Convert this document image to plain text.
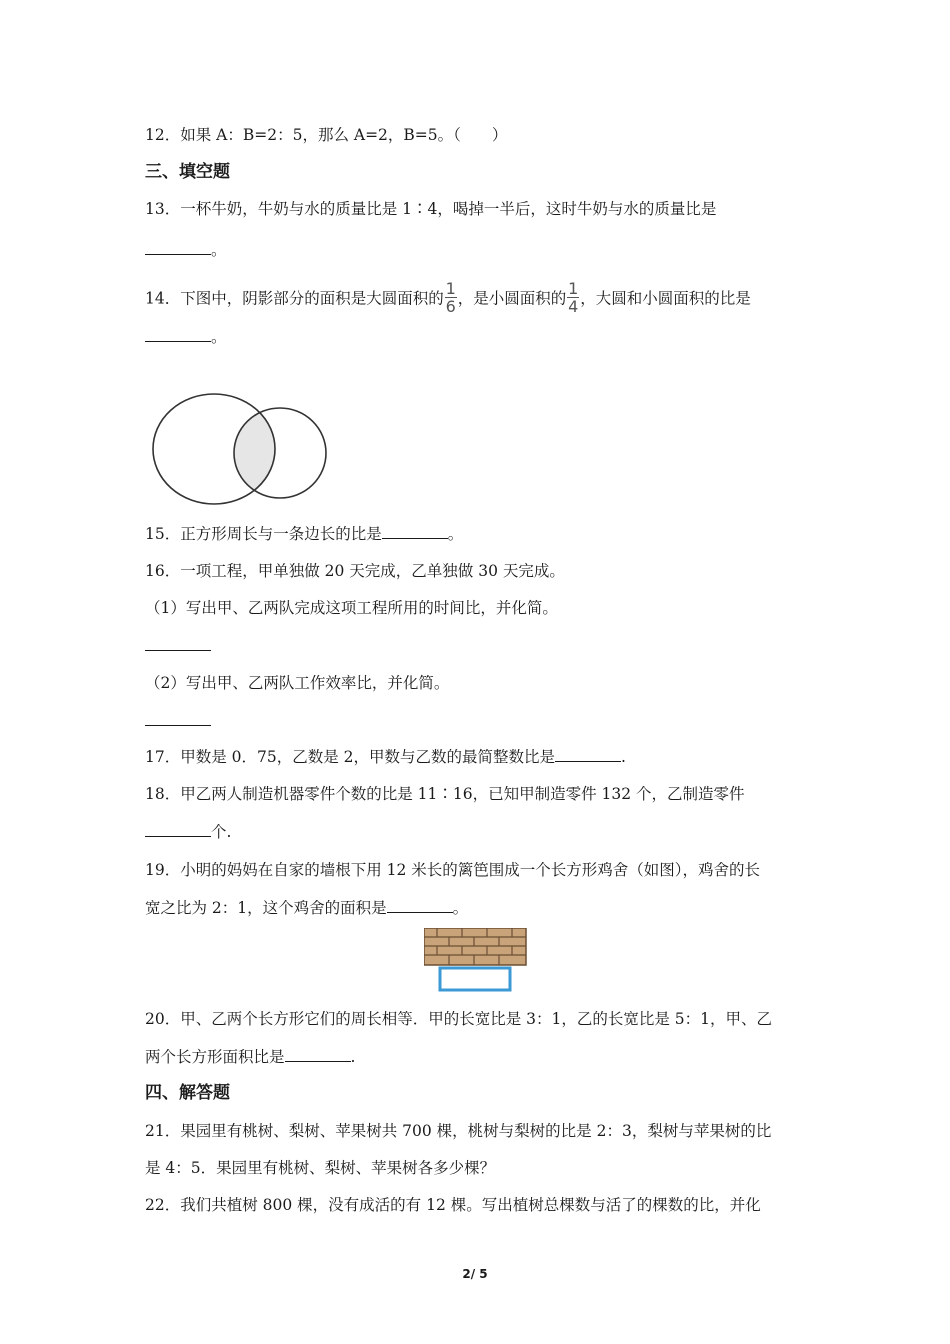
12．如果 A：B=2：5，那么 A=2，B=5。（　　）
三、填空题
13．一杯牛奶，牛奶与水的质量比是 1∶4，喝掉一半后，这时牛奶与水的质量比是
。
14．下图中，阴影部分的面积是大圆面积的 $\frac{1}{6}$ ，是小圆面积的 $\frac{1}{4}$ ，大圆和小圆面积的比是
。
15．正方形周长与一条边长的比是	。
16．一项工程，甲单独做 20 天完成，乙单独做 30 天完成。
（1）写出甲、乙两队完成这项工程所用的时间比，并化简。
（2）写出甲、乙两队工作效率比，并化简。
17．甲数是 0．75，乙数是 2，甲数与乙数的最简整数比是	.
18．甲乙两人制造机器零件个数的比是 11∶16，已知甲制造零件 132 个，乙制造零件
个.
19．小明的妈妈在自家的墙根下用 12 米长的篱笆围成一个长方形鸡舍（如图），鸡舍的长
宽之比为 2：1，这个鸡舍的面积是	。
20．甲、乙两个长方形它们的周长相等．甲的长宽比是 3：1，乙的长宽比是 5：1，甲、乙
两个长方形面积比是	.
四、解答题
21．果园里有桃树、梨树、苹果树共 700 棵，桃树与梨树的比是 2：3，梨树与苹果树的比
是 4：5．果园里有桃树、梨树、苹果树各多少棵？
22．我们共植树 800 棵，没有成活的有 12 棵。写出植树总棵数与活了的棵数的比，并化
2/ 5
